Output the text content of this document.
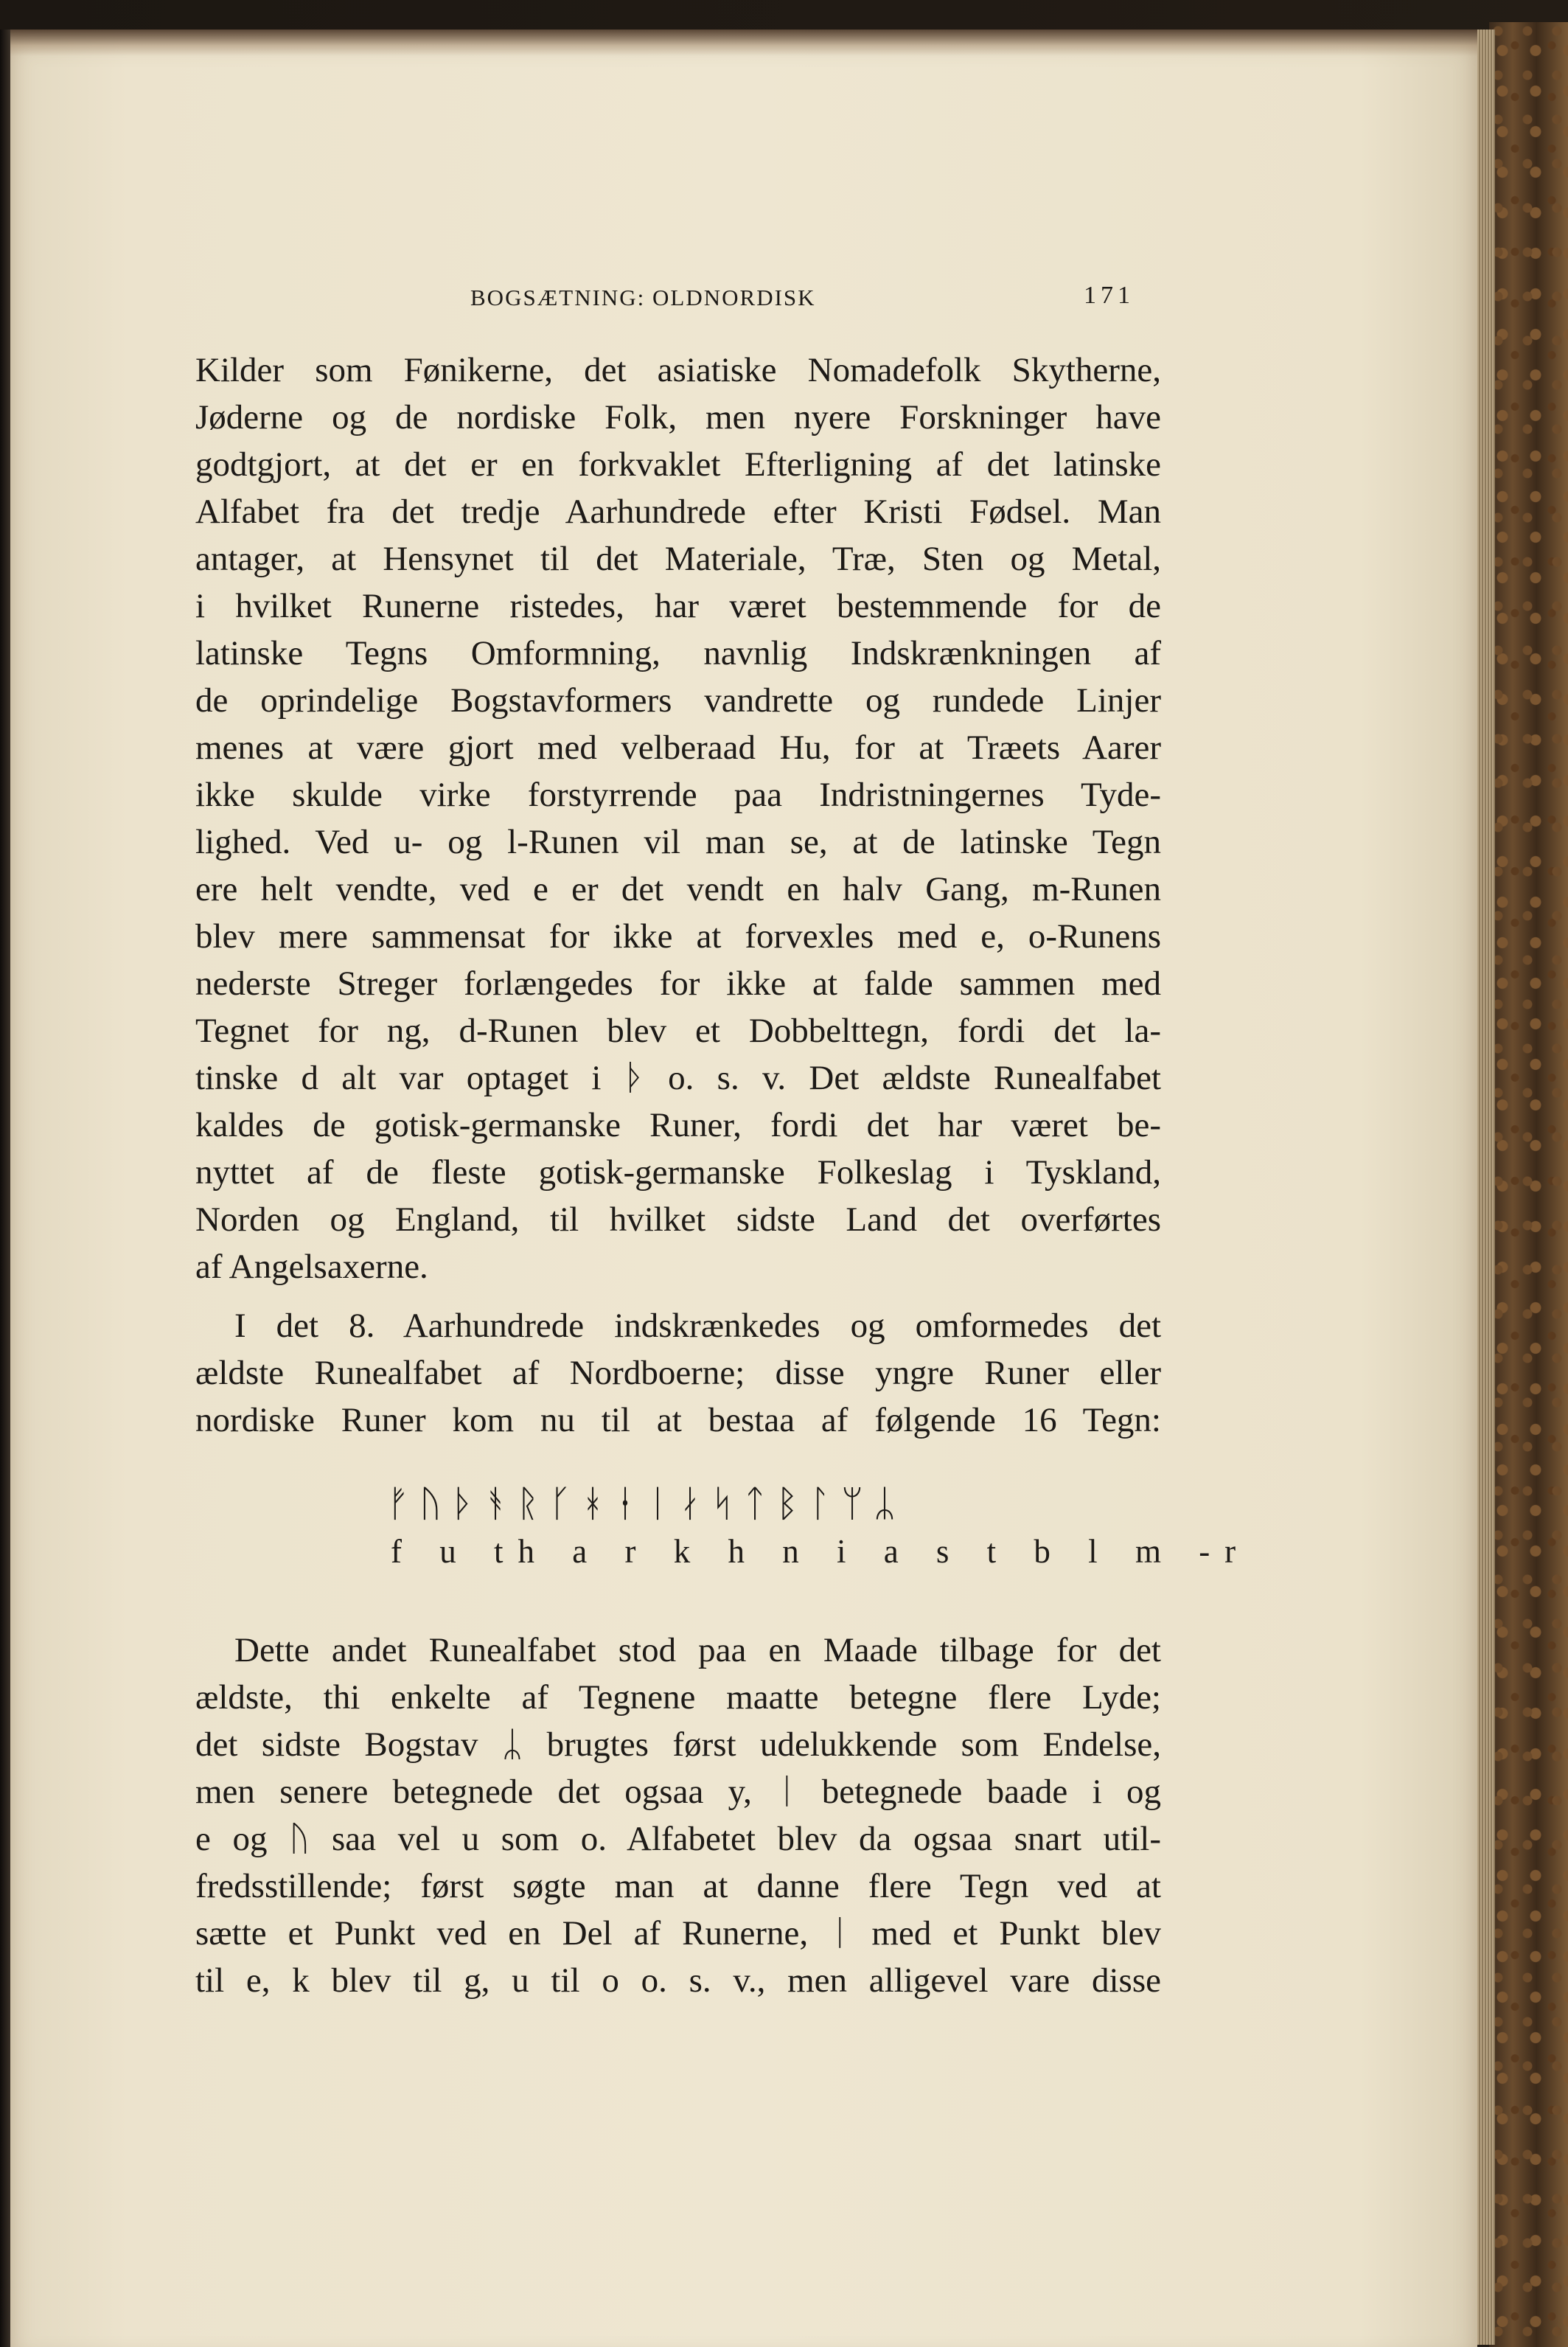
BOGSÆTNING: OLDNORDISK	171
Kilder som Fønikerne, det asiatiske Nomadefolk Skytherne,
Jøderne og de nordiske Folk, men nyere Forskninger have
godtgjort, at det er en forkvaklet Efterligning af det latinske
Alfabet fra det tredje Aarhundrede efter Kristi Fødsel. Man
antager, at Hensynet til det Materiale, Træ, Sten og Metal,
i hvilket Runerne ristedes, har været bestemmende for de
latinske Tegns Omformning, navnlig Indskrænkningen af
de oprindelige Bogstavformers vandrette og rundede Linjer
menes at være gjort med velberaad Hu, for at Træets Aarer
ikke skulde virke forstyrrende paa Indristningernes Tyde-
lighed. Ved u- og l-Runen vil man se, at de latinske Tegn
ere helt vendte, ved e er det vendt en halv Gang, m-Runen
blev mere sammensat for ikke at forvexles med e, o-Runens
nederste Streger forlængedes for ikke at falde sammen med
Tegnet for ng, d-Runen blev et Dobbelttegn, fordi det la-
tinske d alt var optaget i ᚦ o. s. v. Det ældste Runealfabet
kaldes de gotisk-germanske Runer, fordi det har været be-
nyttet af de fleste gotisk-germanske Folkeslag i Tyskland,
Norden og England, til hvilket sidste Land det overførtes
af Angelsaxerne.
I det 8. Aarhundrede indskrænkedes og omformedes det
ældste Runealfabet af Nordboerne; disse yngre Runer eller
nordiske Runer kom nu til at bestaa af følgende 16 Tegn:
ᚠᚢᚦᚬᚱᚴᚼᚽᛁᛅᛋᛏᛒᛚᛘᛦ
f u th a r k h n i a s t b l m -r
Dette andet Runealfabet stod paa en Maade tilbage for det
ældste, thi enkelte af Tegnene maatte betegne flere Lyde;
det sidste Bogstav ᛦ brugtes først udelukkende som Endelse,
men senere betegnede det ogsaa y, ᛁ betegnede baade i og
e og ᚢ saa vel u som o. Alfabetet blev da ogsaa snart util-
fredsstillende; først søgte man at danne flere Tegn ved at
sætte et Punkt ved en Del af Runerne, ᛁ med et Punkt blev
til e, k blev til g, u til o o. s. v., men alligevel vare disse
